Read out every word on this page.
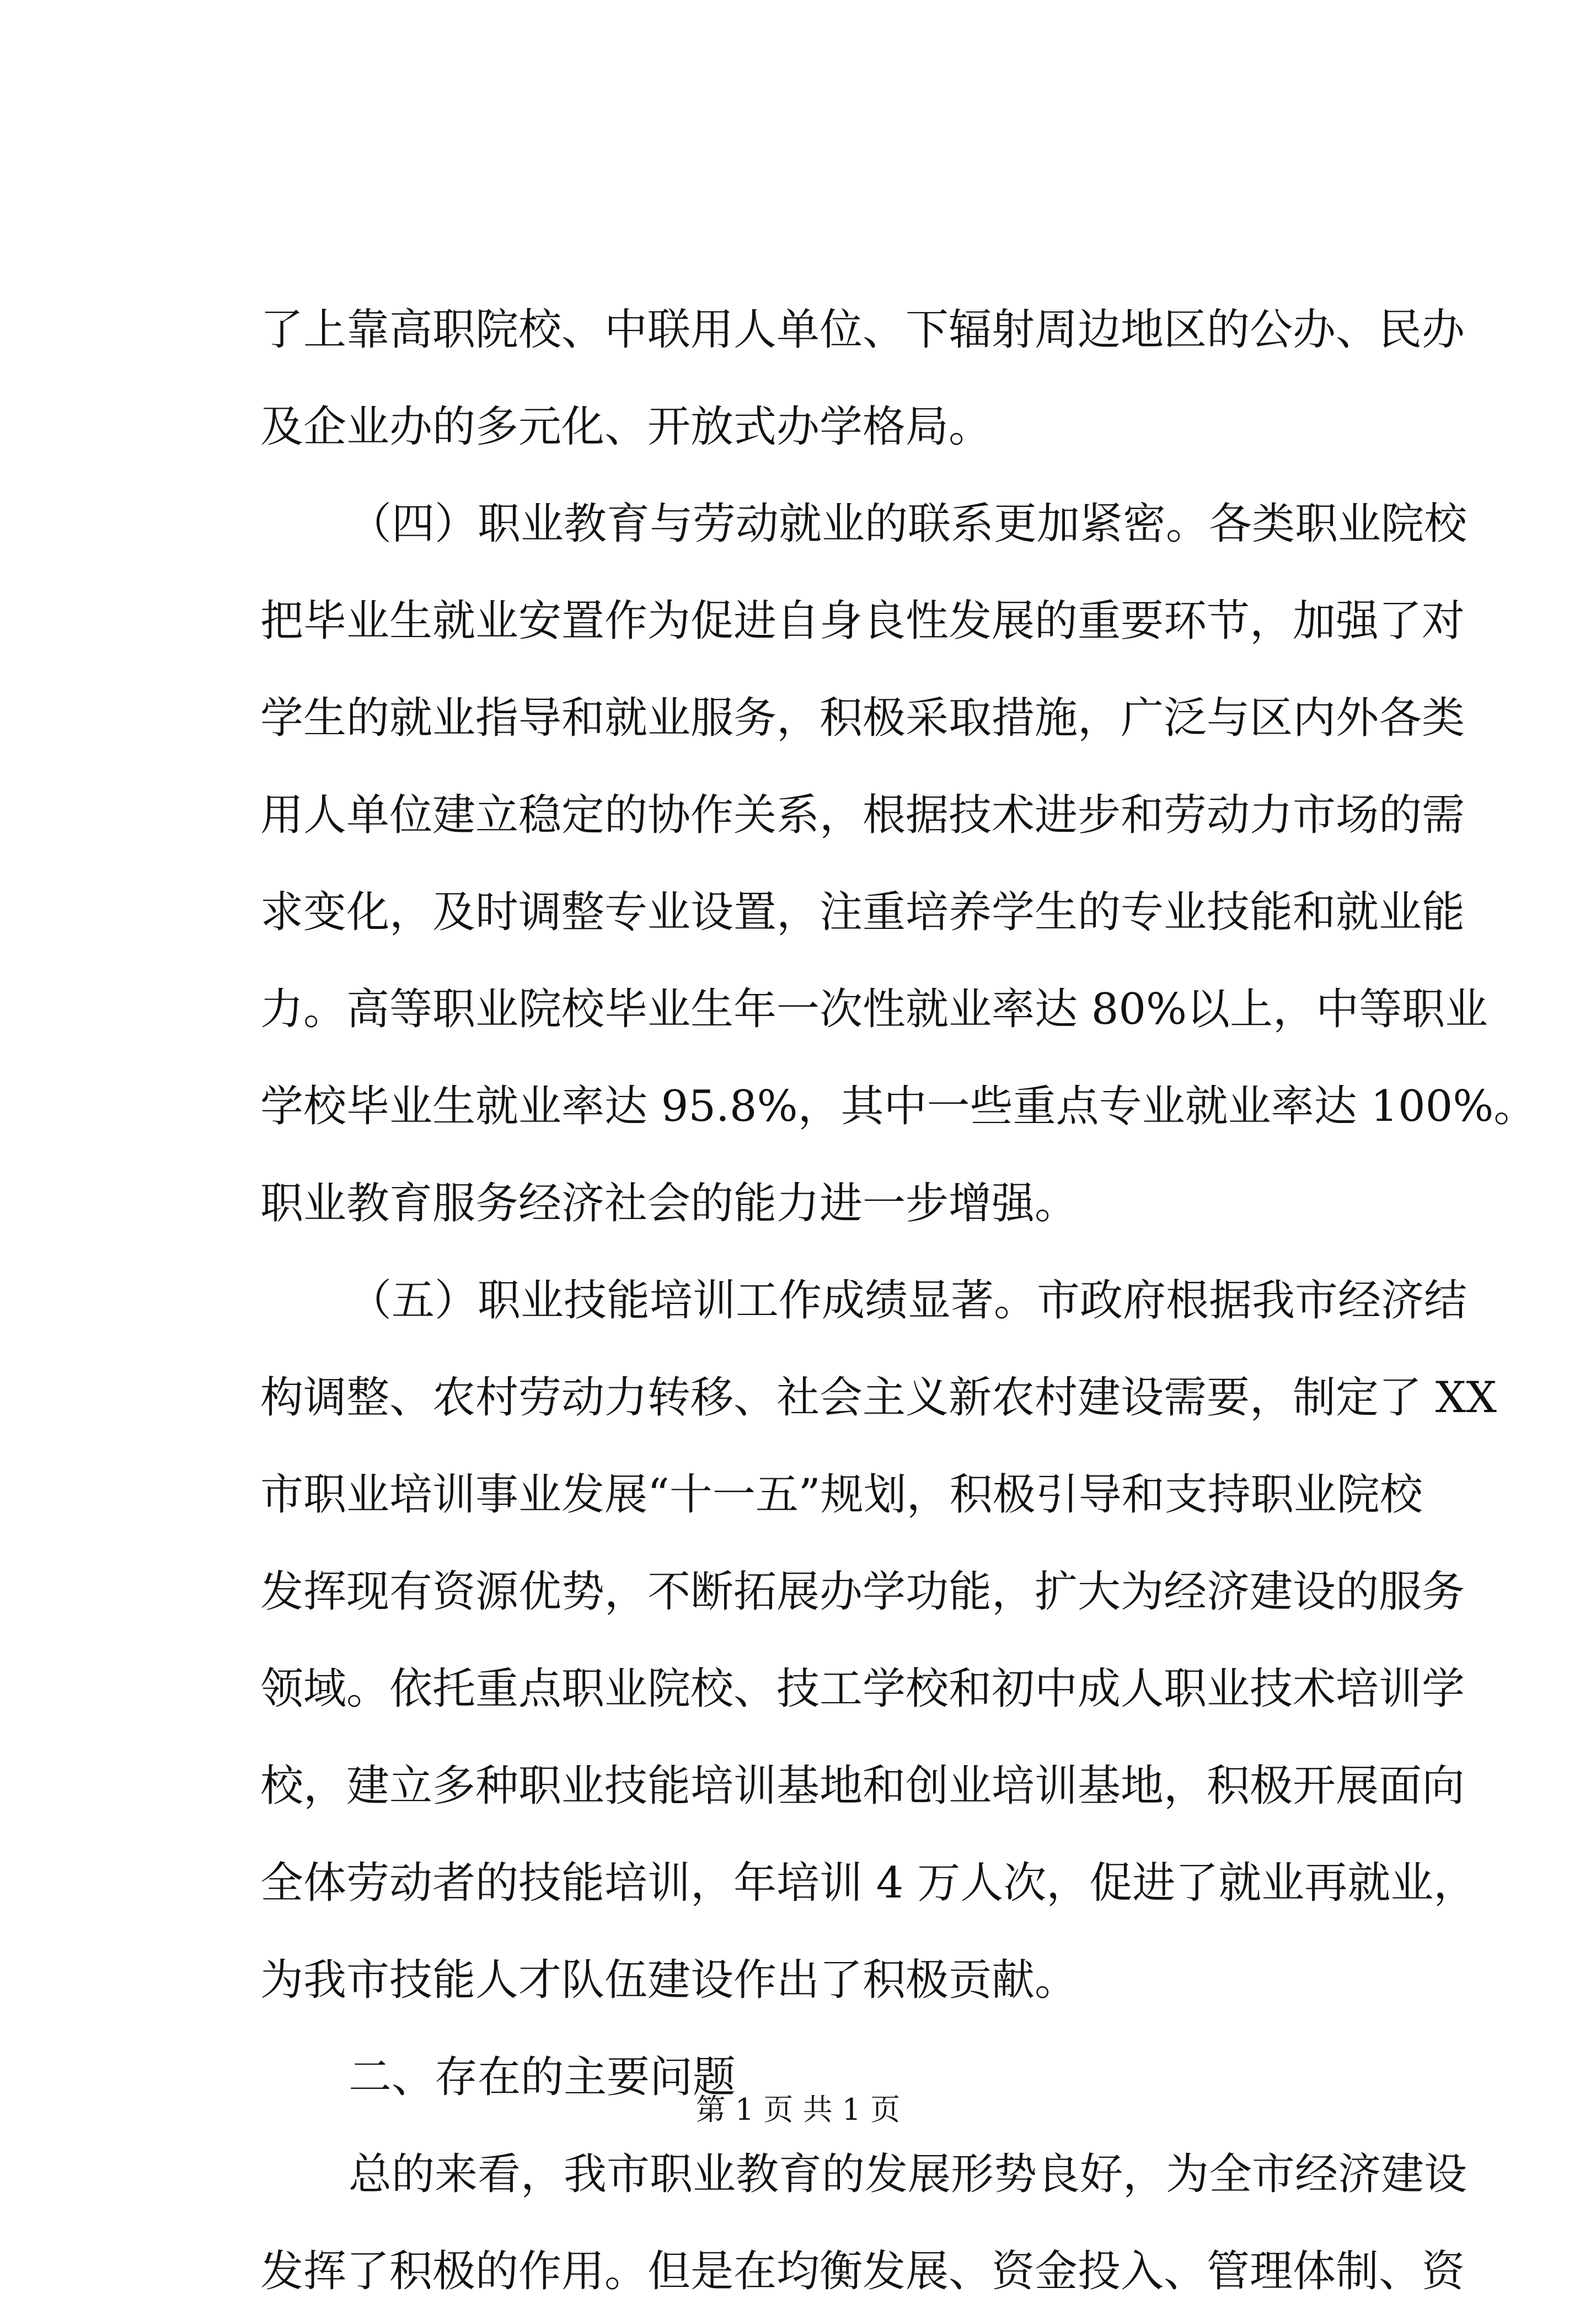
了上靠高职院校、中联用人单位、下辐射周边地区的公办、民办
及企业办的多元化、开放式办学格局。
（四）职业教育与劳动就业的联系更加紧密。各类职业院校
把毕业生就业安置作为促进自身良性发展的重要环节，加强了对
学生的就业指导和就业服务，积极采取措施，广泛与区内外各类
用人单位建立稳定的协作关系，根据技术进步和劳动力市场的需
求变化，及时调整专业设置，注重培养学生的专业技能和就业能
力。高等职业院校毕业生年一次性就业率达 80%以上，中等职业
学校毕业生就业率达 95.8%，其中一些重点专业就业率达 100%。
职业教育服务经济社会的能力进一步增强。
（五）职业技能培训工作成绩显著。市政府根据我市经济结
构调整、农村劳动力转移、社会主义新农村建设需要，制定了 XX
市职业培训事业发展“十一五”规划，积极引导和支持职业院校
发挥现有资源优势，不断拓展办学功能，扩大为经济建设的服务
领域。依托重点职业院校、技工学校和初中成人职业技术培训学
校，建立多种职业技能培训基地和创业培训基地，积极开展面向
全体劳动者的技能培训，年培训 4 万人次，促进了就业再就业，
为我市技能人才队伍建设作出了积极贡献。
二、存在的主要问题
总的来看，我市职业教育的发展形势良好，为全市经济建设
发挥了积极的作用。但是在均衡发展、资金投入、管理体制、资
第 1 页 共 1 页
